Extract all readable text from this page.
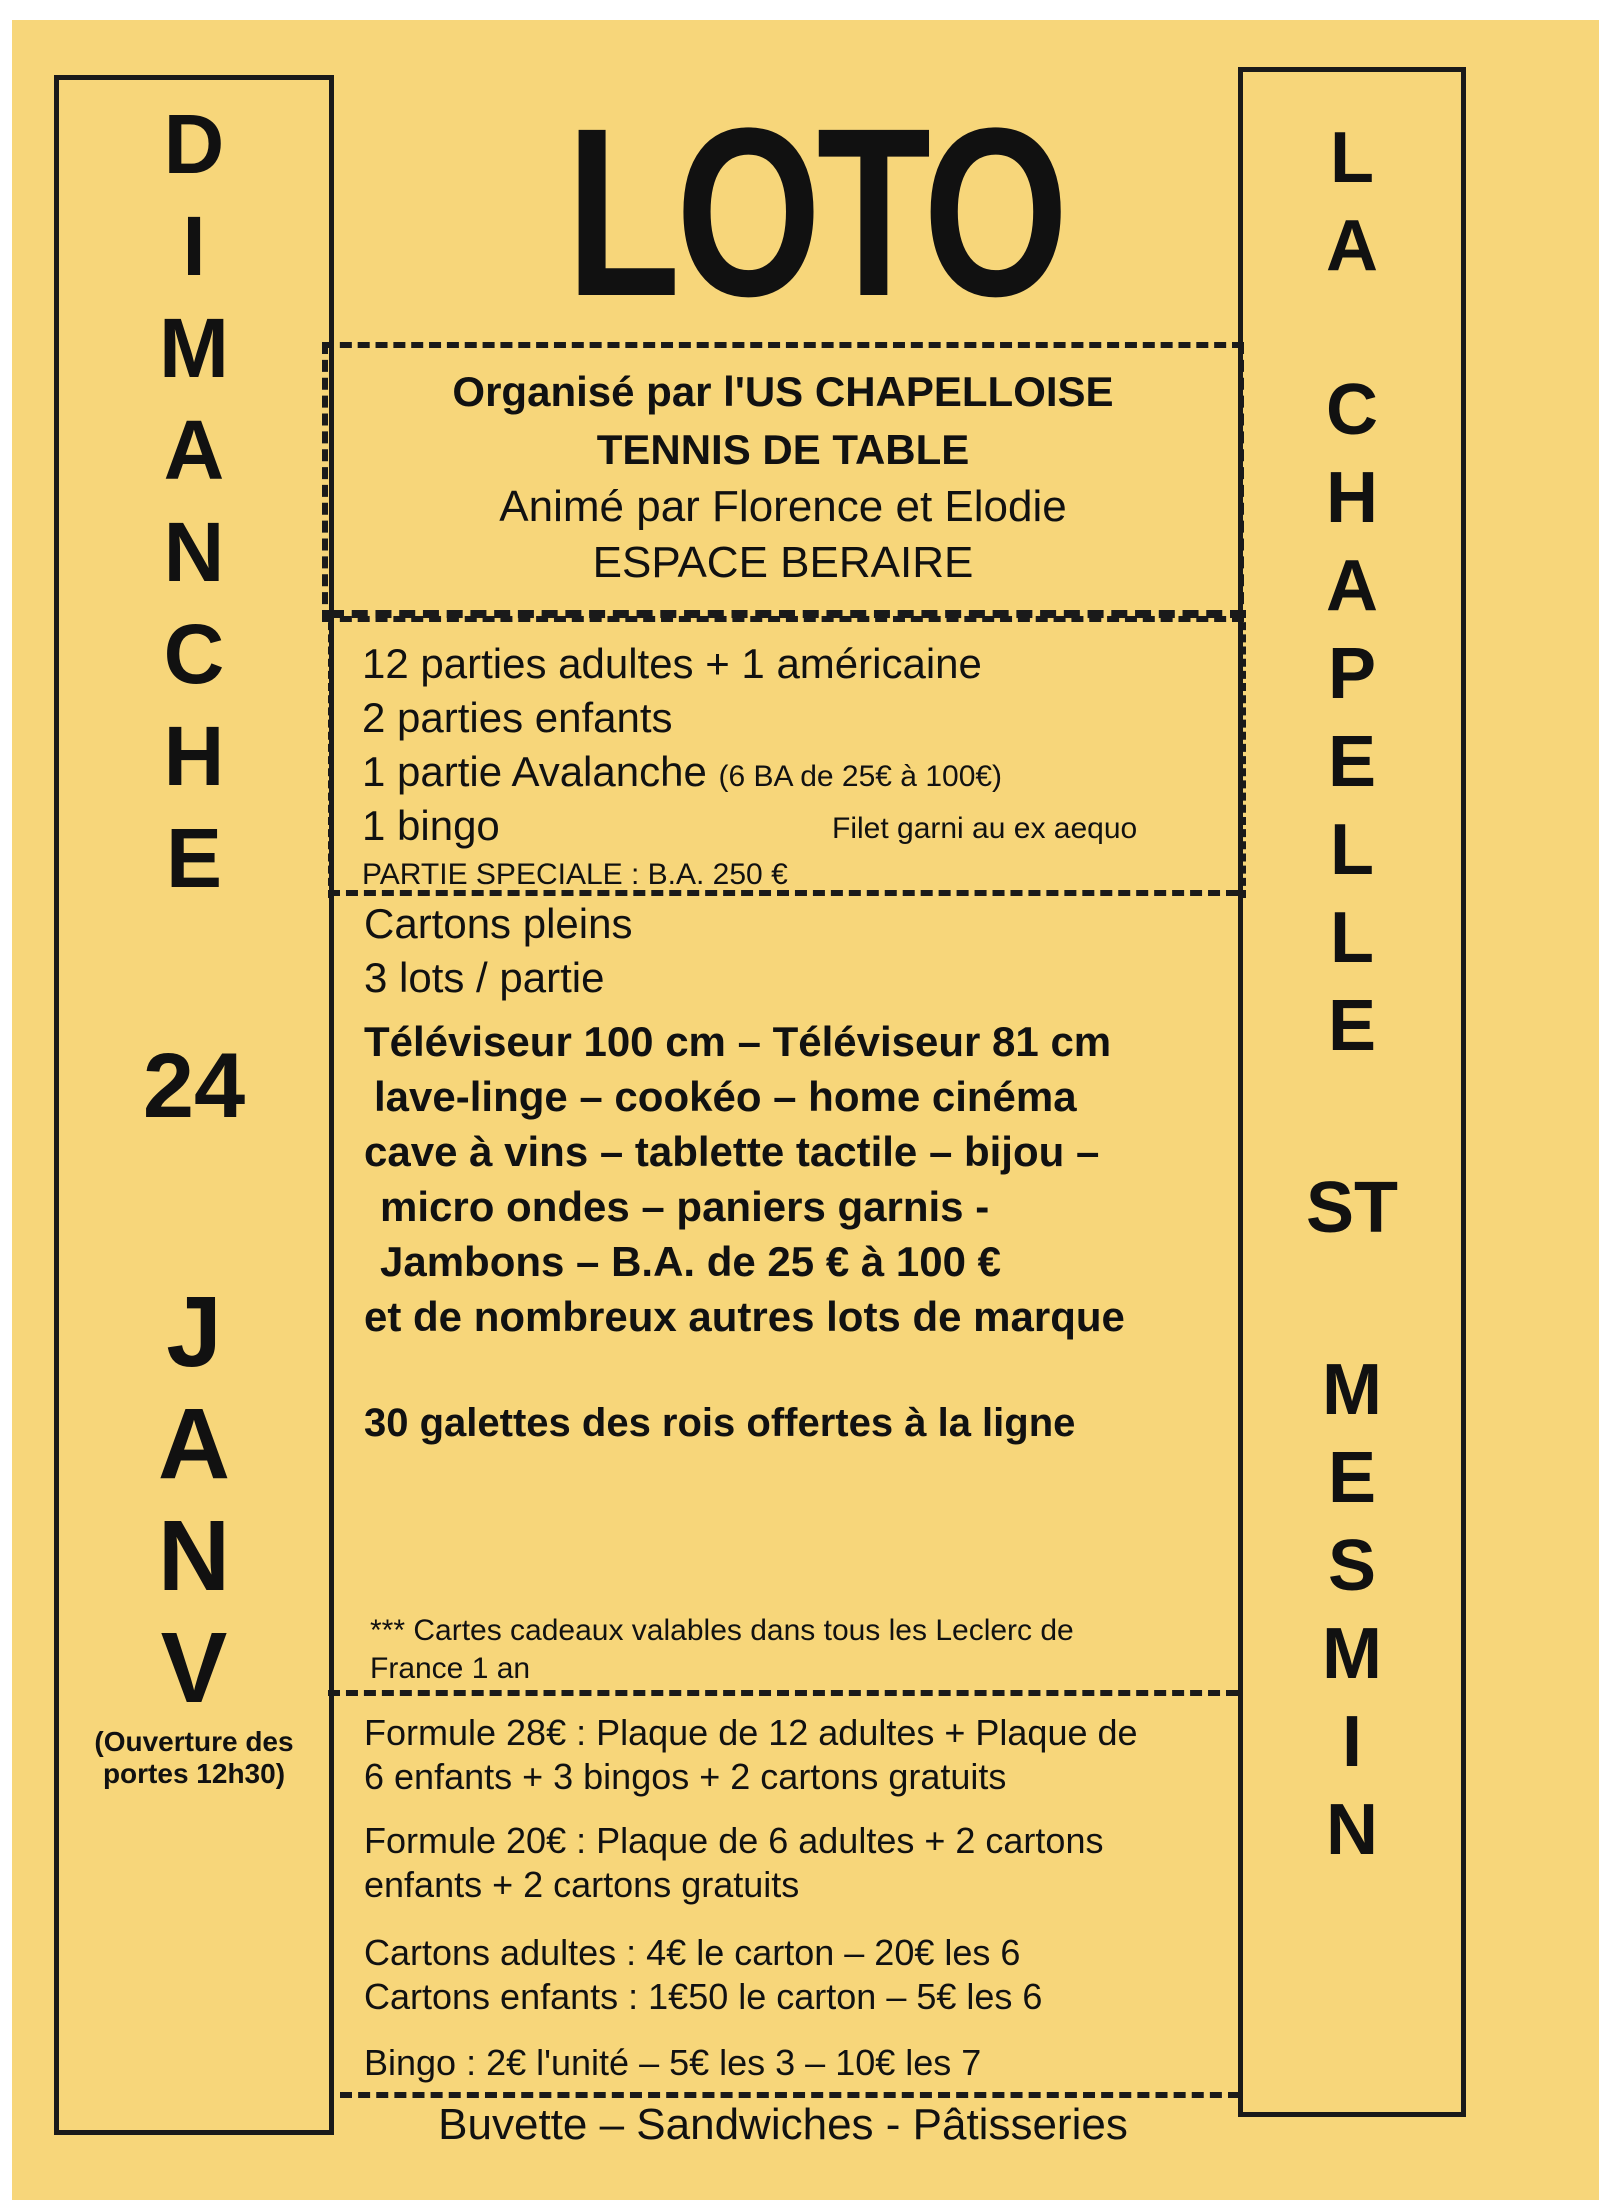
D
I
M
A
N
C
H
E
24
J
A
N
V
(Ouverture des
portes 12h30)
L
A
C
H
A
P
E
L
L
E
ST
M
E
S
M
I
N
LOTO
Organisé par l'US CHAPELLOISE
TENNIS DE TABLE
Animé par Florence et Elodie
ESPACE BERAIRE
12 parties adultes + 1 américaine
2 parties enfants
1 partie Avalanche (6 BA de 25€ à 100€)
1 bingo	Filet garni au ex aequo
PARTIE SPECIALE : B.A. 250 €
Cartons pleins
3 lots / partie
Téléviseur 100 cm – Téléviseur 81 cm
lave-linge – cookéo – home cinéma
cave à vins – tablette tactile – bijou –
micro ondes – paniers garnis -
Jambons – B.A. de 25 € à 100 €
et de nombreux autres lots de marque
30 galettes des rois offertes à la ligne
*** Cartes cadeaux valables dans tous les Leclerc de
France 1 an
Formule 28€ : Plaque de 12 adultes + Plaque de
6 enfants + 3 bingos + 2 cartons gratuits
Formule 20€ : Plaque de 6 adultes + 2 cartons
enfants + 2 cartons gratuits
Cartons adultes : 4€ le carton – 20€ les 6
Cartons enfants : 1€50 le carton – 5€ les 6
Bingo : 2€ l'unité – 5€ les 3 – 10€ les 7
Buvette – Sandwiches - Pâtisseries
